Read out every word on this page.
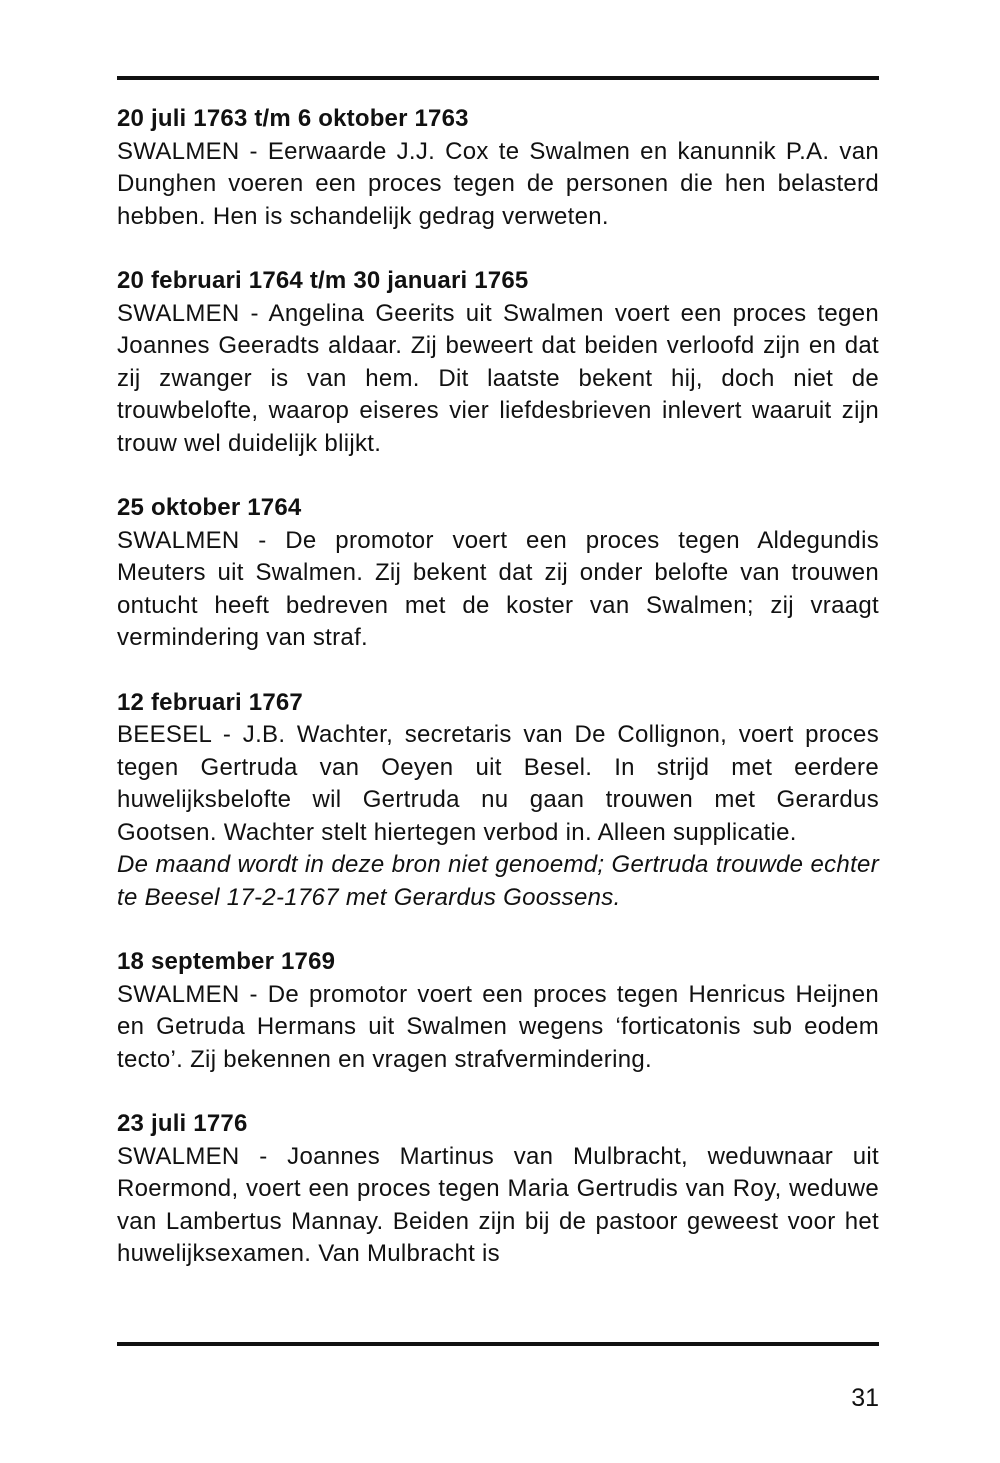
20 juli 1763 t/m 6 oktober 1763
SWALMEN - Eerwaarde J.J. Cox te Swalmen en kanunnik P.A. van Dunghen voeren een proces tegen de personen die hen belasterd hebben. Hen is schandelijk gedrag verweten.
20 februari 1764 t/m 30 januari 1765
SWALMEN - Angelina Geerits uit Swalmen voert een proces tegen Joannes Geeradts aldaar. Zij beweert dat beiden verloofd zijn en dat zij zwanger is van hem. Dit laatste bekent hij, doch niet de trouwbelofte, waarop eiseres vier liefdesbrieven inlevert waaruit zijn trouw wel duidelijk blijkt.
25 oktober 1764
SWALMEN - De promotor voert een proces tegen Aldegundis Meuters uit Swalmen. Zij bekent dat zij onder belofte van trouwen ontucht heeft bedreven met de koster van Swalmen; zij vraagt vermindering van straf.
12 februari 1767
BEESEL - J.B. Wachter, secretaris van De Collignon, voert proces tegen Gertruda van Oeyen uit Besel. In strijd met eerdere huwelijksbelofte wil Gertruda nu gaan trouwen met Gerardus Gootsen. Wachter stelt hiertegen verbod in. Alleen supplicatie.
De maand wordt in deze bron niet genoemd; Gertruda trouwde echter te Beesel 17-2-1767 met Gerardus Goossens.
18 september 1769
SWALMEN - De promotor voert een proces tegen Henricus Heijnen en Getruda Hermans uit Swalmen wegens ‘forticatonis sub eodem tecto’. Zij bekennen en vragen strafvermindering.
23 juli 1776
SWALMEN - Joannes Martinus van Mulbracht, weduwnaar uit Roermond, voert een proces tegen Maria Gertrudis van Roy, weduwe van Lambertus Mannay. Beiden zijn bij de pastoor geweest voor het huwelijksexamen. Van Mulbracht is
31
